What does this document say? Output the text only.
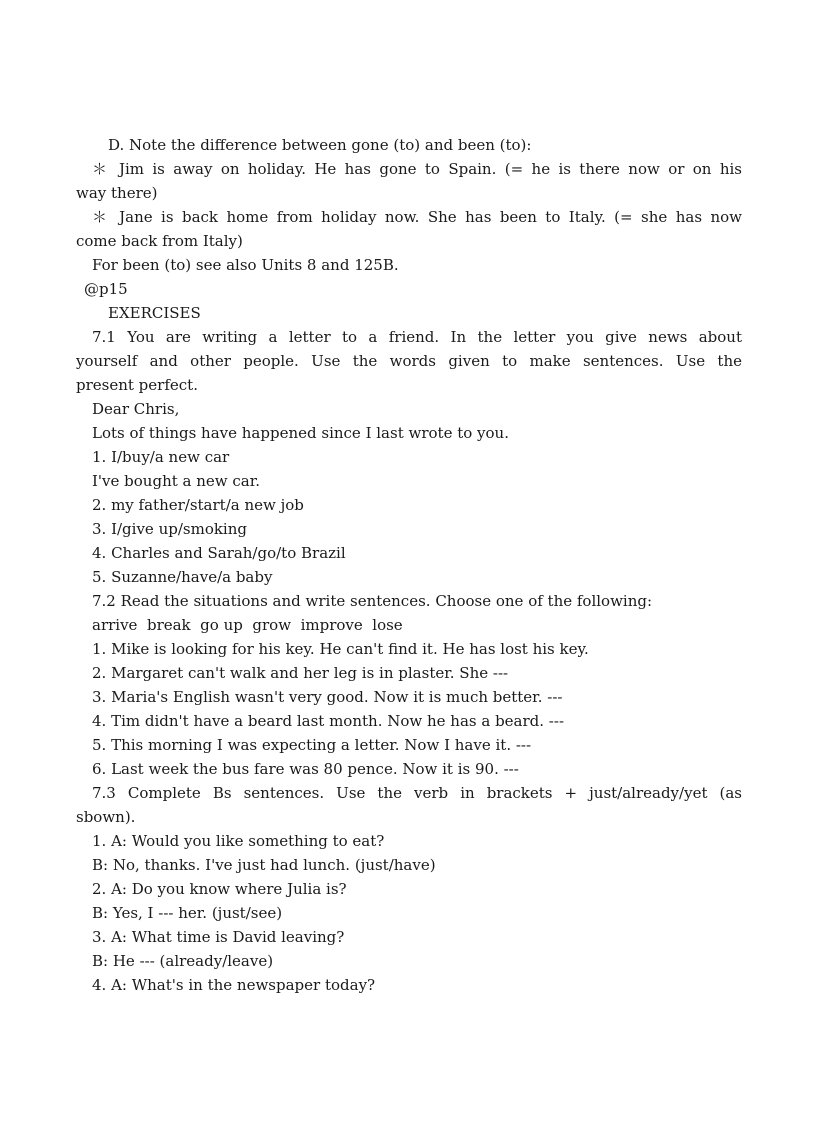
D. Note the difference between gone (to) and been (to):
＊ Jim is away on holiday. He has gone to Spain. (= he is there now or on his
way there)
＊ Jane is back home from holiday now. She has been to Italy. (= she has now
come back from Italy)
For been (to) see also Units 8 and 125B.
@p15
EXERCISES
7.1 You are writing a letter to a friend. In the letter you give news about
yourself and other people. Use the words given to make sentences. Use the
present perfect.
Dear Chris,
Lots of things have happened since I last wrote to you.
1. I/buy/a new car
I've bought a new car.
2. my father/start/a new job
3. I/give up/smoking
4. Charles and Sarah/go/to Brazil
5. Suzanne/have/a baby
7.2 Read the situations and write sentences. Choose one of the following:
arrive  break  go up  grow  improve  lose
1. Mike is looking for his key. He can't find it. He has lost his key.
2. Margaret can't walk and her leg is in plaster. She ---
3. Maria's English wasn't very good. Now it is much better. ---
4. Tim didn't have a beard last month. Now he has a beard. ---
5. This morning I was expecting a letter. Now I have it. ---
6. Last week the bus fare was 80 pence. Now it is 90. ---
7.3 Complete Bs sentences. Use the verb in brackets + just/already/yet (as
sbown).
1. A: Would you like something to eat?
B: No, thanks. I've just had lunch. (just/have)
2. A: Do you know where Julia is?
B: Yes, I --- her. (just/see)
3. A: What time is David leaving?
B: He --- (already/leave)
4. A: What's in the newspaper today?
